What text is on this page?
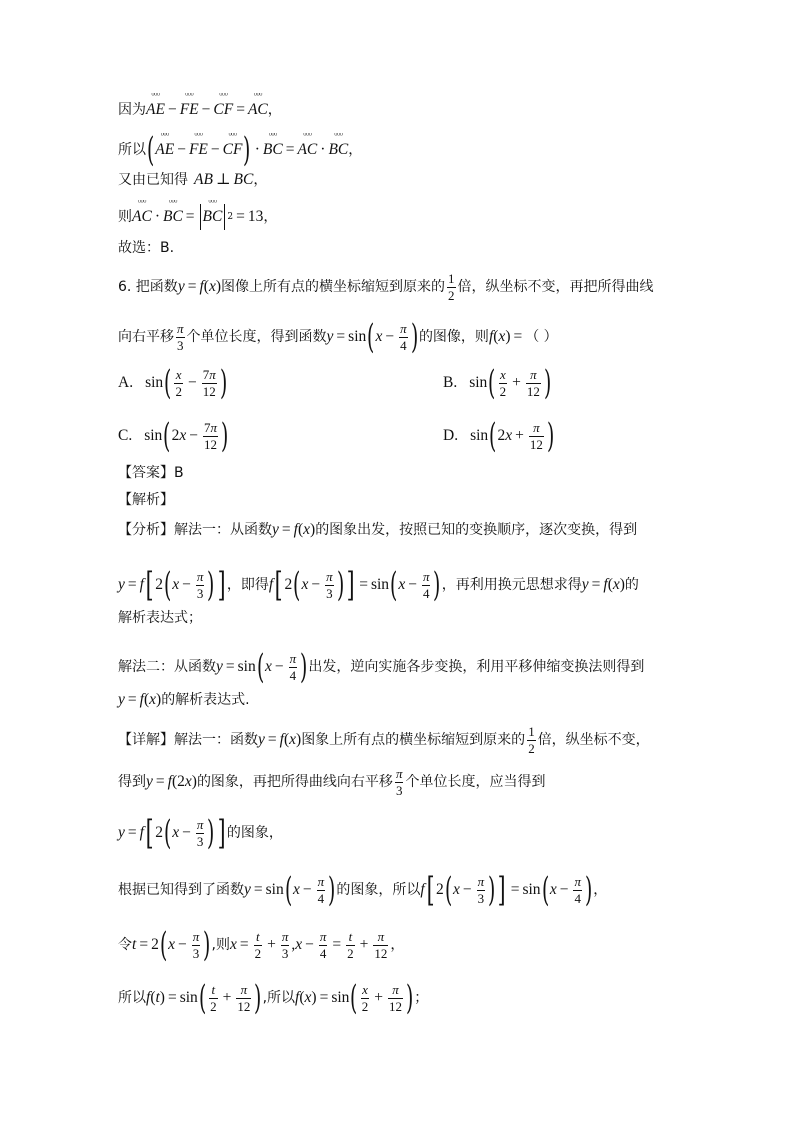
因为 ᵁᵁᵁ AE − ᵁᵁᵁ FE − ᵁᵁᵁ CF = ᵁᵁᵁ AC ，
所以 ( ᵁᵁᵁ AE − ᵁᵁᵁ FE − ᵁᵁᵁ CF ) · ᵁᵁᵁ BC = ᵁᵁᵁ AC · ᵁᵁᵁ BC ，
又由已知得 AB ⊥ BC ，
则 ᵁᵁᵁ AC · ᵁᵁᵁ BC = ᵁᵁᵁ BC 2 = 13 ，
故选：B.
6. 把函数 y = f ( x ) 图像上所有点的横坐标缩短到原来的 $\frac{1}{2}$ 倍，纵坐标不变，再把所得曲线
向右平移 $\frac{\pi}{3}$ 个单位长度，得到函数 y = sin ( $x - \frac{\pi}{4}$ ) 的图像，则 f ( x ) = （ ）
A. sin ( $\frac{x}{2} - \frac{7\pi}{12}$ )	B. sin ( $\frac{x}{2} + \frac{\pi}{12}$ )
C. sin ( 2 $x - \frac{7\pi}{12}$ )	D. sin ( 2 $x + \frac{\pi}{12}$ )
【答案】B
【解析】
【分析】解法一：从函数 y = f ( x ) 的图象出发，按照已知的变换顺序，逐次变换，得到
y = f [ 2 ( $x - \frac{\pi}{3}$ ) ] ，即得 f [ 2 ( $x - \frac{\pi}{3}$ ) ] = sin ( $x - \frac{\pi}{4}$ ) ，再利用换元思想求得 y = f ( x ) 的
解析表达式；
解法二：从函数 y = sin ( $x - \frac{\pi}{4}$ ) 出发，逆向实施各步变换，利用平移伸缩变换法则得到
y = f ( x ) 的解析表达式.
【详解】解法一：函数 y = f ( x ) 图象上所有点的横坐标缩短到原来的 $\frac{1}{2}$ 倍，纵坐标不变，
得到 y = f (2 x ) 的图象，再把所得曲线向右平移 $\frac{\pi}{3}$ 个单位长度，应当得到
y = f [ 2 ( $x - \frac{\pi}{3}$ ) ] 的图象，
根据已知得到了函数 y = sin ( $x - \frac{\pi}{4}$ ) 的图象，所以 f [ 2 ( $x - \frac{\pi}{3}$ ) ] = sin ( $x - \frac{\pi}{4}$ ) ，
令 t = 2 ( $x - \frac{\pi}{3}$ ) ,则 $x = \frac{t}{2} + \frac{\pi}{3}$ , $x - \frac{\pi}{4} = \frac{t}{2} + \frac{\pi}{12}$ ，
所以 f ( t ) = sin ( $\frac{t}{2} + \frac{\pi}{12}$ ) ,所以 f ( x ) = sin ( $\frac{x}{2} + \frac{\pi}{12}$ ) ；
